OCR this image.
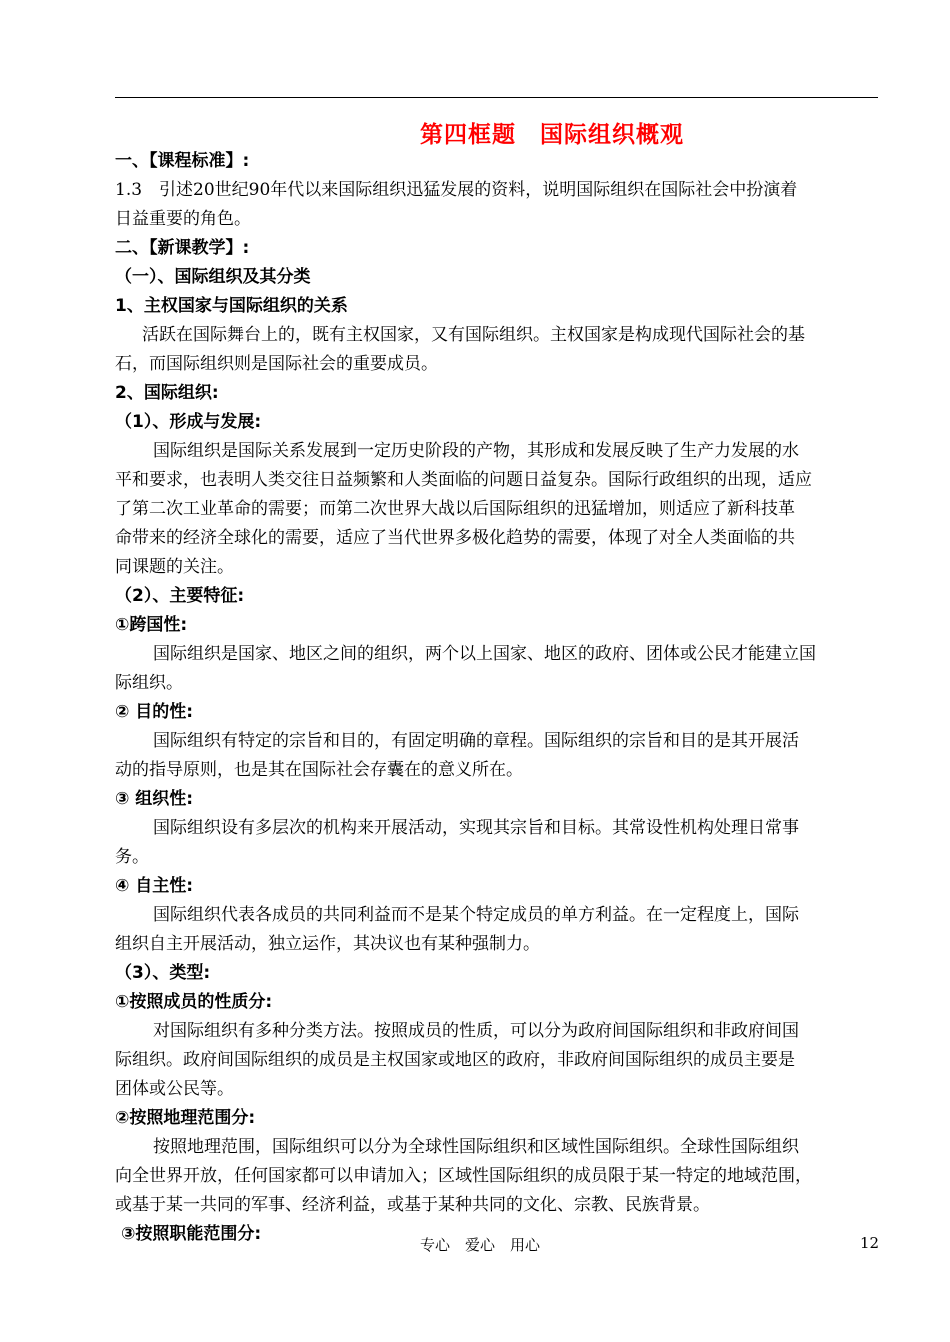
第四框题　国际组织概观
一、【课程标准】:
1.3　引述20世纪90年代以来国际组织迅猛发展的资料，说明国际组织在国际社会中扮演着
日益重要的角色。
二、【新课教学】:
（一）、国际组织及其分类
1、主权国家与国际组织的关系
活跃在国际舞台上的，既有主权国家，又有国际组织。主权国家是构成现代国际社会的基
石，而国际组织则是国际社会的重要成员。
2、国际组织:
（1）、形成与发展:
国际组织是国际关系发展到一定历史阶段的产物，其形成和发展反映了生产力发展的水
平和要求，也表明人类交往日益频繁和人类面临的问题日益复杂。国际行政组织的出现，适应
了第二次工业革命的需要；而第二次世界大战以后国际组织的迅猛增加，则适应了新科技革
命带来的经济全球化的需要，适应了当代世界多极化趋势的需要，体现了对全人类面临的共
同课题的关注。
（2）、主要特征:
①跨国性:
国际组织是国家、地区之间的组织，两个以上国家、地区的政府、团体或公民才能建立国
际组织。
② 目的性:
国际组织有特定的宗旨和目的，有固定明确的章程。国际组织的宗旨和目的是其开展活
动的指导原则，也是其在国际社会存囊在的意义所在。
③ 组织性:
国际组织设有多层次的机构来开展活动，实现其宗旨和目标。其常设性机构处理日常事
务。
④ 自主性:
国际组织代表各成员的共同利益而不是某个特定成员的单方利益。在一定程度上，国际
组织自主开展活动，独立运作，其决议也有某种强制力。
（3）、类型:
①按照成员的性质分:
对国际组织有多种分类方法。按照成员的性质，可以分为政府间国际组织和非政府间国
际组织。政府间国际组织的成员是主权国家或地区的政府，非政府间国际组织的成员主要是
团体或公民等。
②按照地理范围分:
按照地理范围，国际组织可以分为全球性国际组织和区域性国际组织。全球性国际组织
向全世界开放，任何国家都可以申请加入；区域性国际组织的成员限于某一特定的地域范围，
或基于某一共同的军事、经济利益，或基于某种共同的文化、宗教、民族背景。
③按照职能范围分:
专心　爱心　用心	12
